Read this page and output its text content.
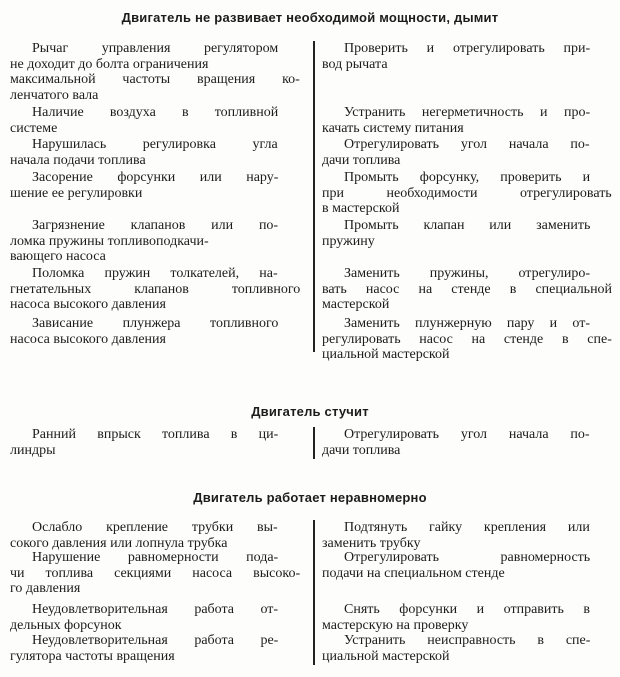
Двигатель не развивает необходимой мощности, дымит
Рычаг управления регулятором
не доходит до болта ограничения
максимальной частоты вращения ко-
ленчатого вала
Проверить и отрегулировать при-
вод рычата
Наличие воздуха в топливной
системе
Устранить негерметичность и про-
качать систему питания
Нарушилась регулировка угла
начала подачи топлива
Отрегулировать угол начала по-
дачи топлива
Засорение форсунки или нару-
шение ее регулировки
Промыть форсунку, проверить и
при необходимости отрегулировать
в мастерской
Загрязнение клапанов или по-
ломка пружины топливоподкачи-
вающего насоса
Промыть клапан или заменить
пружину
Поломка пружин толкателей, на-
гнетательных клапанов топливного
насоса высокого давления
Заменить пружины, отрегулиро-
вать насос на стенде в специальной
мастерской
Зависание плунжера топливного
насоса высокого давления
Заменить плунжерную пару и от-
регулировать насос на стенде в спе-
циальной мастерской
Двигатель стучит
Ранний впрыск топлива в ци-
линдры
Отрегулировать угол начала по-
дачи топлива
Двигатель работает неравномерно
Ослабло крепление трубки вы-
сокого давления или лопнула трубка
Подтянуть гайку крепления или
заменить трубку
Нарушение равномерности пода-
чи топлива секциями насоса высоко-
го давления
Отрегулировать равномерность
подачи на специальном стенде
Неудовлетворительная работа от-
дельных форсунок
Снять форсунки и отправить в
мастерскую на проверку
Неудовлетворительная работа ре-
гулятора частоты вращения
Устранить неисправность в спе-
циальной мастерской
